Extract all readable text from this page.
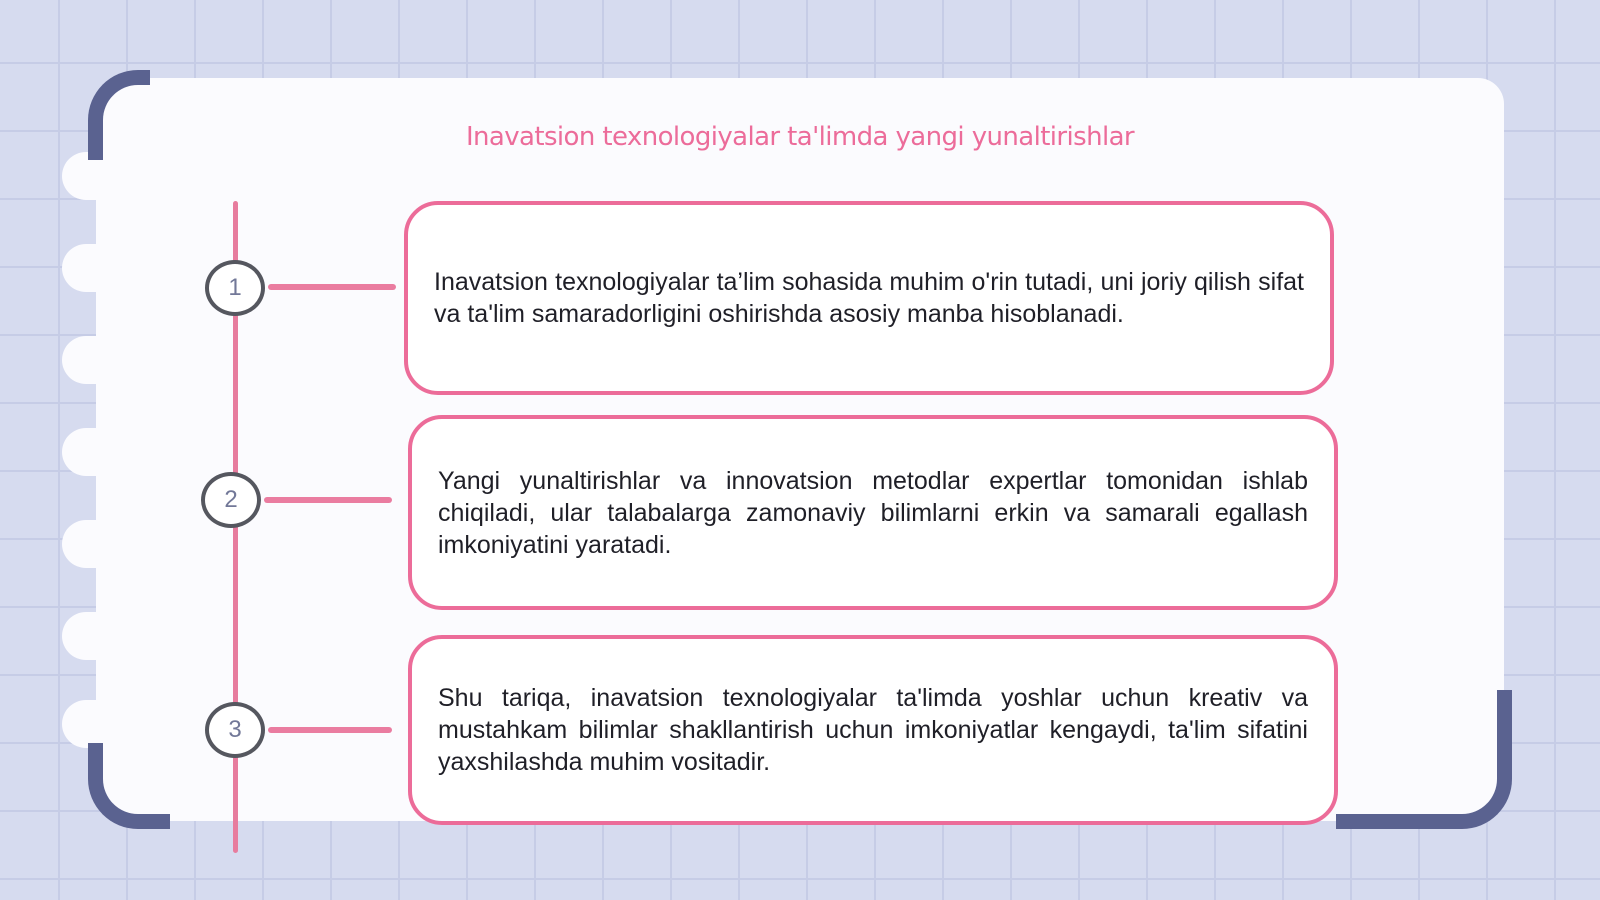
Inavatsion texnologiyalar ta'limda yangi yunaltirishlar
1
2
3

Inavatsion texnologiyalar ta’lim sohasida muhim o'rin tutadi, uni joriy qilish sifat va ta'lim samaradorligini oshirishda asosiy manba hisoblanadi.

Yangi yunaltirishlar va innovatsion metodlar expertlar tomonidan ishlab chiqiladi, ular talabalarga zamonaviy bilimlarni erkin va samarali egallash imkoniyatini yaratadi.

Shu tariqa, inavatsion texnologiyalar ta'limda yoshlar uchun kreativ va mustahkam bilimlar shakllantirish uchun imkoniyatlar kengaydi, ta'lim sifatini yaxshilashda muhim vositadir.
